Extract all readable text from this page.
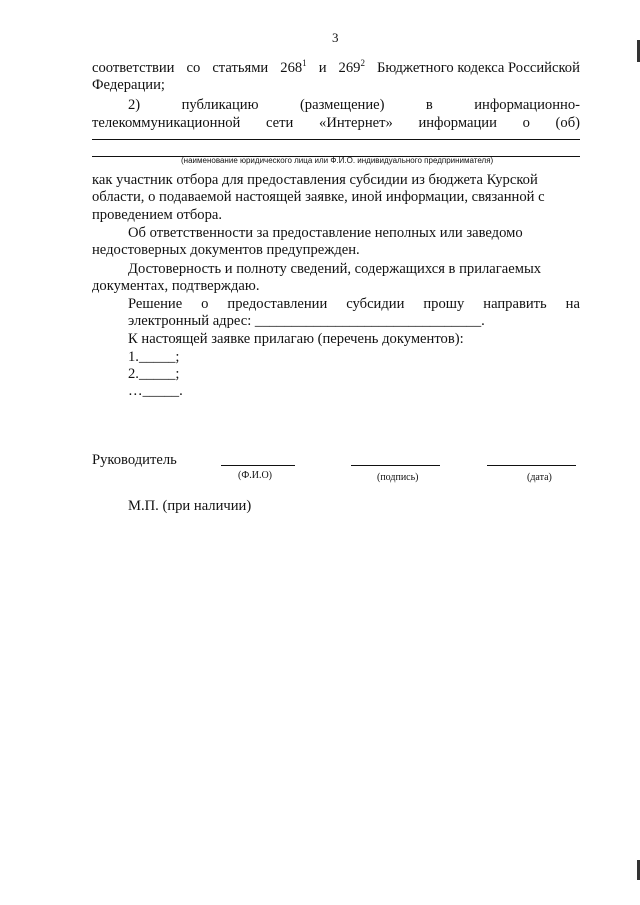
3
соответствии со статьями $268^1$ и $269^2$ Бюджетного кодекса Российской
Федерации;
2)	публикацию	(размещение)	в	информационно-
телекоммуникационной сети «Интернет» информации о (об)
(наименование юридического лица или Ф.И.О. индивидуального предпринимателя)
как участник отбора для предоставления субсидии из бюджета Курской
области, о подаваемой настоящей заявке, иной информации, связанной с
проведением отбора.
Об ответственности за предоставление неполных или заведомо
недостоверных документов предупрежден.
Достоверность и полноту сведений, содержащихся в прилагаемых
документах, подтверждаю.
Решение о предоставлении субсидии прошу направить на
электронный адрес: _______________________________.
К настоящей заявке прилагаю (перечень документов):
1._____;
2._____;
…_____.
Руководитель
(Ф.И.О)	(подпись)	(дата)
М.П. (при наличии)
